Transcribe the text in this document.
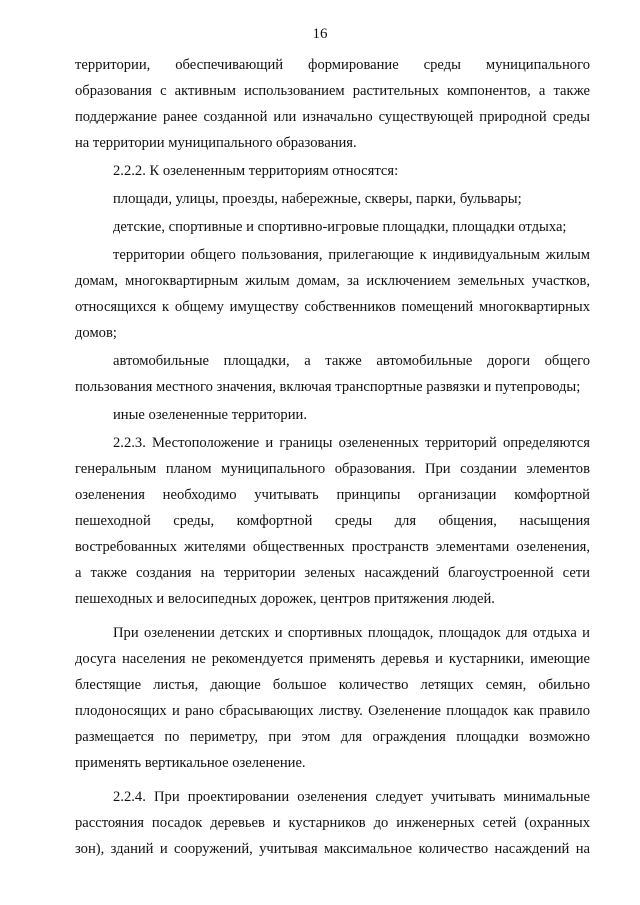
16
территории, обеспечивающий формирование среды муниципального
образования с активным использованием растительных компонентов, а также
поддержание ранее созданной или изначально существующей природной среды
на территории муниципального образования.
2.2.2. К озелененным территориям относятся:
площади, улицы, проезды, набережные, скверы, парки, бульвары;
детские, спортивные и спортивно-игровые площадки, площадки отдыха;
территории общего пользования, прилегающие к индивидуальным жилым
домам, многоквартирным жилым домам, за исключением земельных участков,
относящихся к общему имуществу собственников помещений многоквартирных
домов;
автомобильные площадки, а также автомобильные дороги общего
пользования местного значения, включая транспортные развязки и путепроводы;
иные озелененные территории.
2.2.3. Местоположение и границы озелененных территорий определяются
генеральным планом муниципального образования. При создании элементов
озеленения необходимо учитывать принципы организации комфортной
пешеходной среды, комфортной среды для общения, насыщения
востребованных жителями общественных пространств элементами озеленения,
а также создания на территории зеленых насаждений благоустроенной сети
пешеходных и велосипедных дорожек, центров притяжения людей.
При озеленении детских и спортивных площадок, площадок для отдыха и
досуга населения не рекомендуется применять деревья и кустарники, имеющие
блестящие листья, дающие большое количество летящих семян, обильно
плодоносящих и рано сбрасывающих листву. Озеленение площадок как правило
размещается по периметру, при этом для ограждения площадки возможно
применять вертикальное озеленение.
2.2.4. При проектировании озеленения следует учитывать минимальные
расстояния посадок деревьев и кустарников до инженерных сетей (охранных
зон), зданий и сооружений, учитывая максимальное количество насаждений на
